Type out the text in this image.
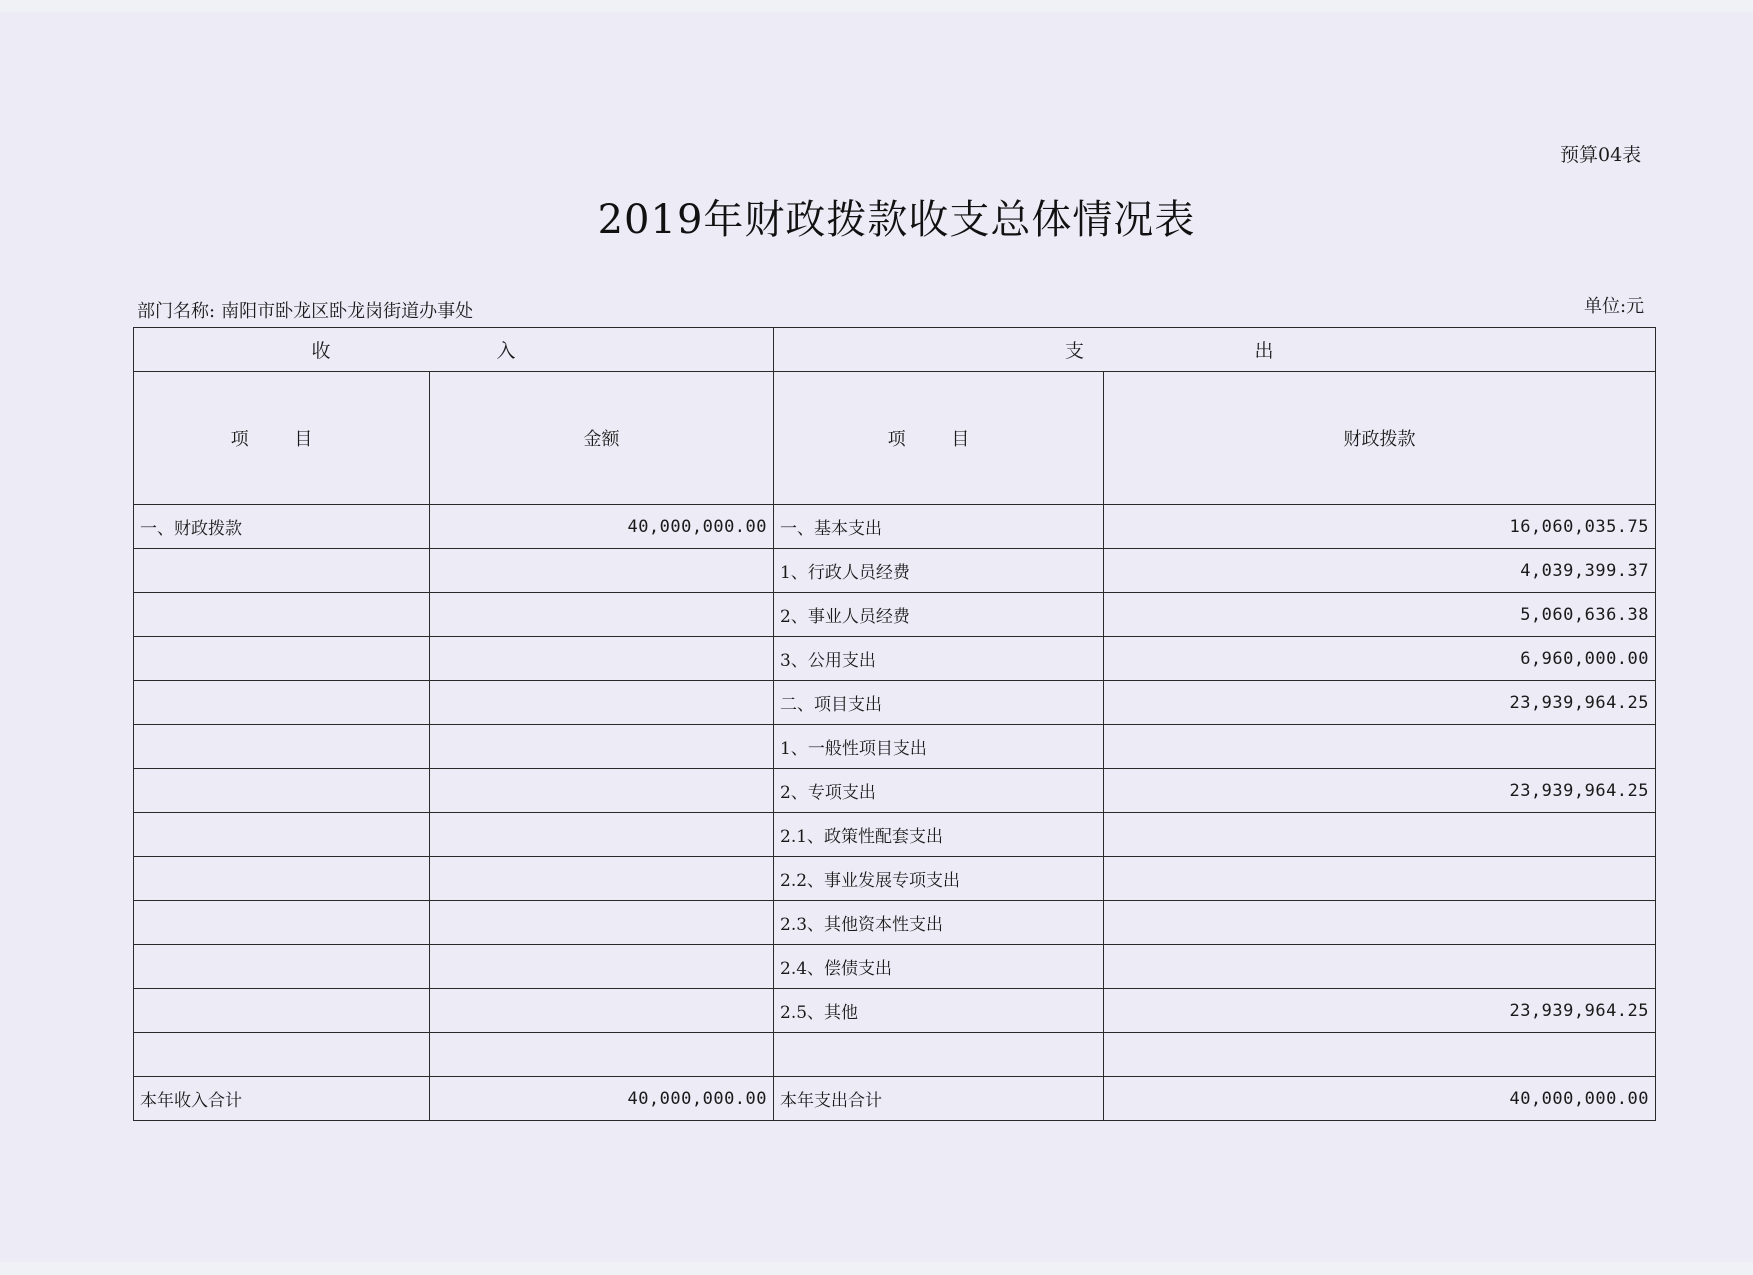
预算04表
2019年财政拨款收支总体情况表
部门名称: 南阳市卧龙区卧龙岗街道办事处	单位:元
收 入		支 出	
项 目	金额	项 目	财政拨款
一、财政拨款	40,000,000.00	一、基本支出	16,060,035.75
		1、行政人员经费	4,039,399.37
		2、事业人员经费	5,060,636.38
		3、公用支出	6,960,000.00
		二、项目支出	23,939,964.25
		1、一般性项目支出	
		2、专项支出	23,939,964.25
		2.1、政策性配套支出	
		2.2、事业发展专项支出	
		2.3、其他资本性支出	
		2.4、偿债支出	
		2.5、其他	23,939,964.25

本年收入合计	40,000,000.00	本年支出合计	40,000,000.00
